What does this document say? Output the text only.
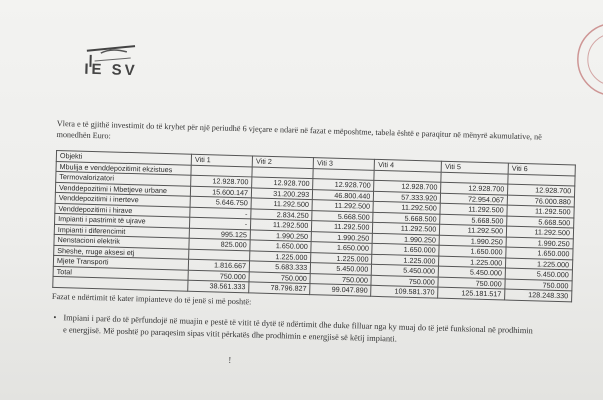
IE SV
Vlera e të gjithë investimit do të kryhet për një periudhë 6 vjeçare e ndarë në fazat e mëposhtme, tabela është e paraqitur në mënyrë akumulative, në monedhën Euro:
Objekti	Viti 1	Viti 2	Viti 3	Viti 4	Viti 5	Viti 6
Mbulija e venddepozitimit ekzistues						
Termovalorizatori	12.928.700	12.928.700	12.928.700	12.928.700	12.928.700	12.928.700
Venddepozitimi i Mbetjeve urbane	15.600.147	31.200.293	46.800.440	57.333.920	72.954.067	76.000.880
Venddepozitimi i inerteve	5.646.750	11.292.500	11.292.500	11.292.500	11.292.500	11.292.500
Venddepozitimi i hirave	-	2.834.250	5.668.500	5.668.500	5.668.500	5.668.500
Impianti i pastrimit të ujrave	-	11.292.500	11.292.500	11.292.500	11.292.500	11.292.500
Impianti i diferencimit	995.125	1.990.250	1.990.250	1.990.250	1.990.250	1.990.250
Nenstacioni elektrik	825.000	1.650.000	1.650.000	1.650.000	1.650.000	1.650.000
Sheshe, rruge aksesi etj		1.225.000	1.225.000	1.225.000	1.225.000	1.225.000
Mjete Transporti	1.816.667	5.683.333	5.450.000	5.450.000	5.450.000	5.450.000
Total	750.000	750.000	750.000	750.000	750.000	750.000
	38.561.333	78.796.827	99.047.890	109.581.370	125.181.517	128.248.330
Fazat e ndërtimit të kater impianteve do të jenë si më poshtë:
• Impiani i parë do të përfundojë në muajin e pestë të vitit të dytë të ndërtimit dhe duke filluar nga ky muaj do të jetë funksional në prodhimin e energjisë. Më poshtë po paraqesim sipas vitit përkatës dhe prodhimin e energjisë së këtij impianti.
!
